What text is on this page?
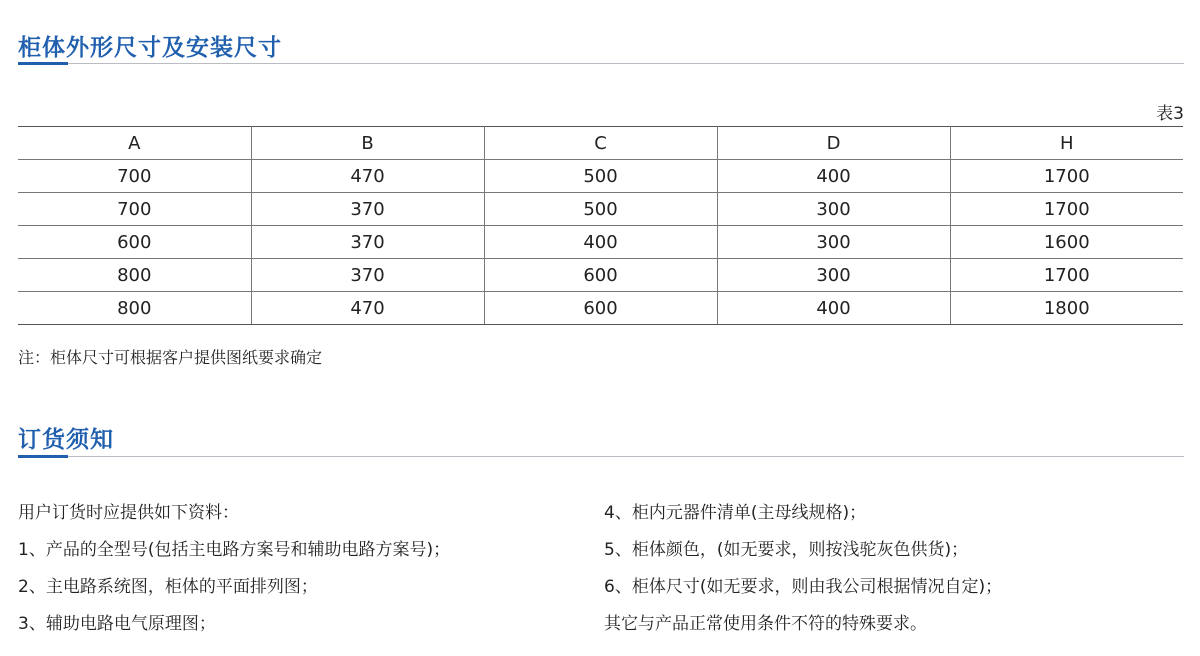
柜体外形尺寸及安装尺寸
表3
A	B	C	D	H
700	470	500	400	1700
700	370	500	300	1700
600	370	400	300	1600
800	370	600	300	1700
800	470	600	400	1800
注：柜体尺寸可根据客户提供图纸要求确定
订货须知
用户订货时应提供如下资料：
1、产品的全型号(包括主电路方案号和辅助电路方案号)；
2、主电路系统图，柜体的平面排列图；
3、辅助电路电气原理图；
4、柜内元器件清单(主母线规格)；
5、柜体颜色，(如无要求，则按浅驼灰色供货)；
6、柜体尺寸(如无要求，则由我公司根据情况自定)；
其它与产品正常使用条件不符的特殊要求。
